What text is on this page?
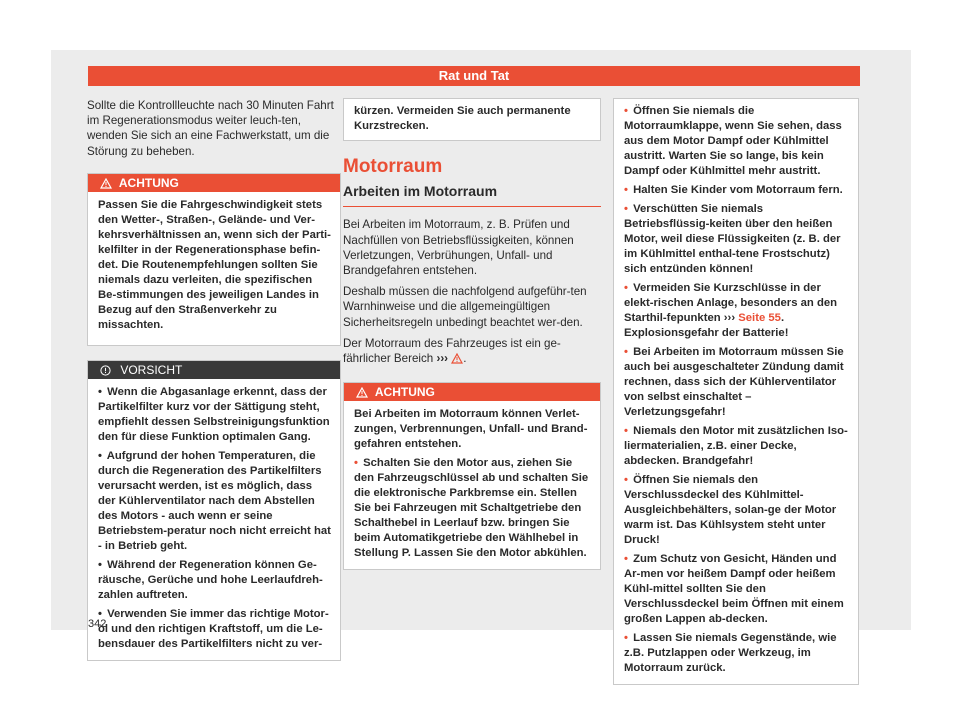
Rat und Tat

Sollte die Kontrollleuchte nach 30 Minuten Fahrt im Regenerationsmodus weiter leuch-ten, wenden Sie sich an eine Fachwerkstatt, um die Störung zu beheben.

ACHTUNG

Passen Sie die Fahrgeschwindigkeit stets den Wetter-, Straßen-, Gelände- und Ver-kehrsverhältnissen an, wenn sich der Parti-kelfilter in der Regenerationsphase befin-det. Die Routenempfehlungen sollten Sie niemals dazu verleiten, die spezifischen Be-stimmungen des jeweiligen Landes in Bezug auf den Straßenverkehr zu missachten.

VORSICHT

• Wenn die Abgasanlage erkennt, dass der Partikelfilter kurz vor der Sättigung steht, empfiehlt dessen Selbstreinigungsfunktion den für diese Funktion optimalen Gang.

• Aufgrund der hohen Temperaturen, die durch die Regeneration des Partikelfilters verursacht werden, ist es möglich, dass der Kühlerventilator nach dem Abstellen des Motors - auch wenn er seine Betriebstem-peratur noch nicht erreicht hat - in Betrieb geht.

• Während der Regeneration können Ge-räusche, Gerüche und hohe Leerlaufdreh-zahlen auftreten.

• Verwenden Sie immer das richtige Motor-öl und den richtigen Kraftstoff, um die Le-bensdauer des Partikelfilters nicht zu ver-

kürzen. Vermeiden Sie auch permanente Kurzstrecken.

Motorraum
Arbeiten im Motorraum

Bei Arbeiten im Motorraum, z. B. Prüfen und Nachfüllen von Betriebsflüssigkeiten, können Verletzungen, Verbrühungen, Unfall- und Brandgefahren entstehen.

Deshalb müssen die nachfolgend aufgeführ-ten Warnhinweise und die allgemeingültigen Sicherheitsregeln unbedingt beachtet wer-den.

Der Motorraum des Fahrzeuges ist ein ge-fährlicher Bereich ››› .

ACHTUNG

Bei Arbeiten im Motorraum können Verlet-zungen, Verbrennungen, Unfall- und Brand-gefahren entstehen.

• Schalten Sie den Motor aus, ziehen Sie den Fahrzeugschlüssel ab und schalten Sie die elektronische Parkbremse ein. Stellen Sie bei Fahrzeugen mit Schaltgetriebe den Schalthebel in Leerlauf bzw. bringen Sie beim Automatikgetriebe den Wählhebel in Stellung P. Lassen Sie den Motor abkühlen.

• Öffnen Sie niemals die Motorraumklappe, wenn Sie sehen, dass aus dem Motor Dampf oder Kühlmittel austritt. Warten Sie so lange, bis kein Dampf oder Kühlmittel mehr austritt.

• Halten Sie Kinder vom Motorraum fern.

• Verschütten Sie niemals Betriebsflüssig-keiten über den heißen Motor, weil diese Flüssigkeiten (z. B. der im Kühlmittel enthal-tene Frostschutz) sich entzünden können!

• Vermeiden Sie Kurzschlüsse in der elekt-rischen Anlage, besonders an den Starthil-fepunkten ››› Seite 55. Explosionsgefahr der Batterie!

• Bei Arbeiten im Motorraum müssen Sie auch bei ausgeschalteter Zündung damit rechnen, dass sich der Kühlerventilator von selbst einschaltet – Verletzungsgefahr!

• Niemals den Motor mit zusätzlichen Iso-liermaterialien, z.B. einer Decke, abdecken. Brandgefahr!

• Öffnen Sie niemals den Verschlussdeckel des Kühlmittel-Ausgleichbehälters, solan-ge der Motor warm ist. Das Kühlsystem steht unter Druck!

• Zum Schutz von Gesicht, Händen und Ar-men vor heißem Dampf oder heißem Kühl-mittel sollten Sie den Verschlussdeckel beim Öffnen mit einem großen Lappen ab-decken.

• Lassen Sie niemals Gegenstände, wie z.B. Putzlappen oder Werkzeug, im Motorraum zurück.

342
